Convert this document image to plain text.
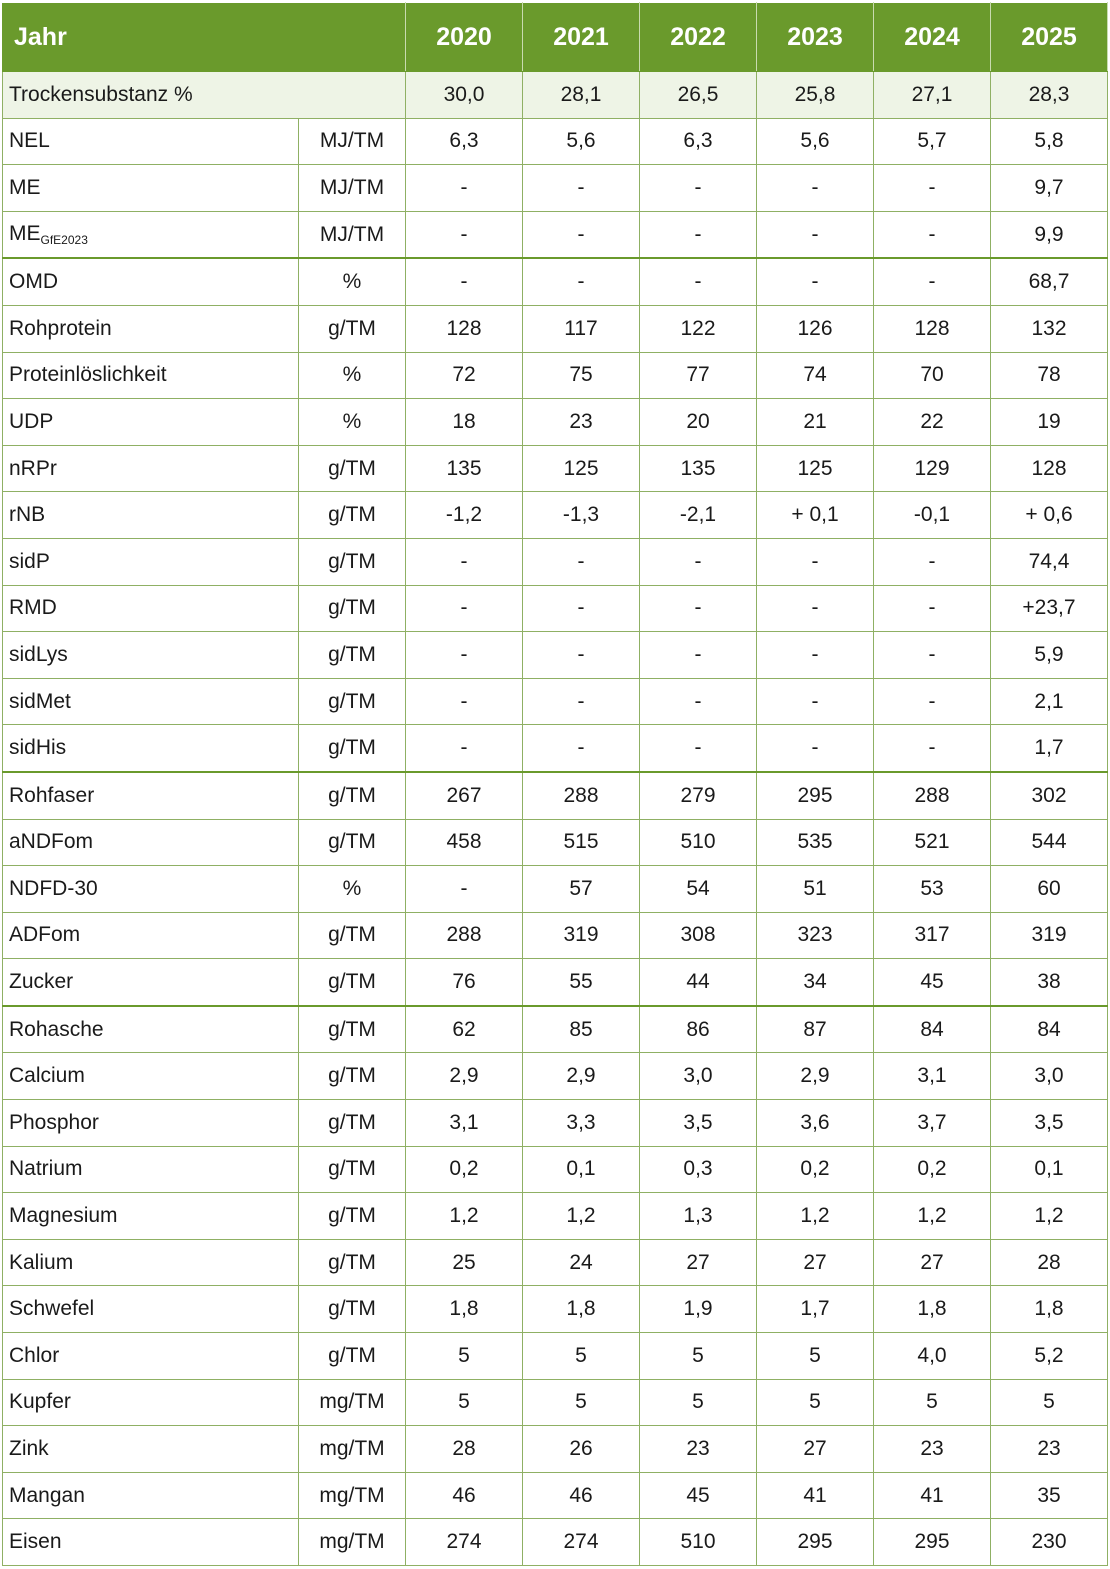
Jahr		2020	2021	2022	2023	2024	2025
Trockensubstanz %		30,0	28,1	26,5	25,8	27,1	28,3
NEL	MJ/TM	6,3	5,6	6,3	5,6	5,7	5,8
ME	MJ/TM	-	-	-	-	-	9,7
$ME_{GfE2023}$	MJ/TM	-	-	-	-	-	9,9
OMD	%	-	-	-	-	-	68,7
Rohprotein	g/TM	128	117	122	126	128	132
Proteinlöslichkeit	%	72	75	77	74	70	78
UDP	%	18	23	20	21	22	19
nRPr	g/TM	135	125	135	125	129	128
rNB	g/TM	-1,2	-1,3	-2,1	+ 0,1	-0,1	+ 0,6
sidP	g/TM	-	-	-	-	-	74,4
RMD	g/TM	-	-	-	-	-	+23,7
sidLys	g/TM	-	-	-	-	-	5,9
sidMet	g/TM	-	-	-	-	-	2,1
sidHis	g/TM	-	-	-	-	-	1,7
Rohfaser	g/TM	267	288	279	295	288	302
aNDFom	g/TM	458	515	510	535	521	544
NDFD-30	%	-	57	54	51	53	60
ADFom	g/TM	288	319	308	323	317	319
Zucker	g/TM	76	55	44	34	45	38
Rohasche	g/TM	62	85	86	87	84	84
Calcium	g/TM	2,9	2,9	3,0	2,9	3,1	3,0
Phosphor	g/TM	3,1	3,3	3,5	3,6	3,7	3,5
Natrium	g/TM	0,2	0,1	0,3	0,2	0,2	0,1
Magnesium	g/TM	1,2	1,2	1,3	1,2	1,2	1,2
Kalium	g/TM	25	24	27	27	27	28
Schwefel	g/TM	1,8	1,8	1,9	1,7	1,8	1,8
Chlor	g/TM	5	5	5	5	4,0	5,2
Kupfer	mg/TM	5	5	5	5	5	5
Zink	mg/TM	28	26	23	27	23	23
Mangan	mg/TM	46	46	45	41	41	35
Eisen	mg/TM	274	274	510	295	295	230
